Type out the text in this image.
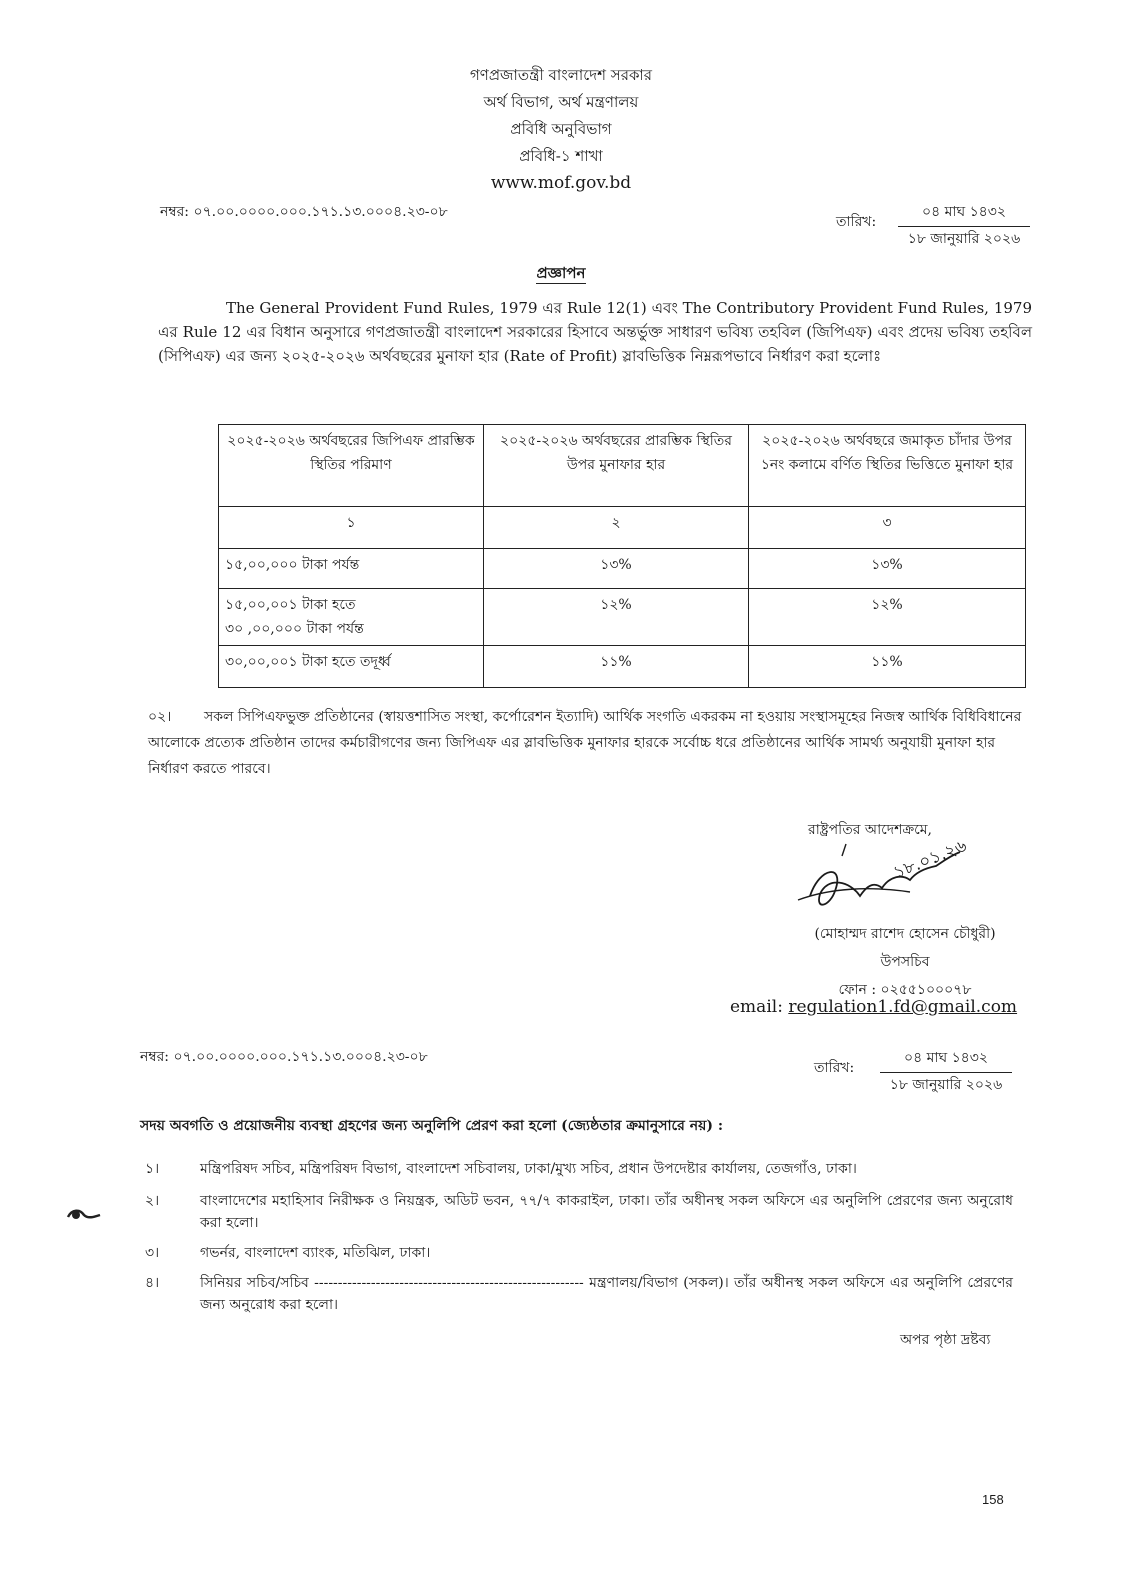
গণপ্রজাতন্ত্রী বাংলাদেশ সরকার
অর্থ বিভাগ, অর্থ মন্ত্রণালয়
প্রবিধি অনুবিভাগ
প্রবিধি-১ শাখা
www.mof.gov.bd
নম্বর: ০৭.০০.০০০০.০০০.১৭১.১৩.০০০৪.২৩-০৮
তারিখ:
০৪ মাঘ ১৪৩২
১৮ জানুয়ারি ২০২৬
প্রজ্ঞাপন
The General Provident Fund Rules, 1979 এর Rule 12(1) এবং The Contributory Provident Fund Rules, 1979 এর Rule 12 এর বিধান অনুসারে গণপ্রজাতন্ত্রী বাংলাদেশ সরকারের হিসাবে অন্তর্ভুক্ত সাধারণ ভবিষ্য তহবিল (জিপিএফ) এবং প্রদেয় ভবিষ্য তহবিল (সিপিএফ) এর জন্য ২০২৫-২০২৬ অর্থবছরের মুনাফা হার (Rate of Profit) স্লাবভিত্তিক নিম্নরূপভাবে নির্ধারণ করা হলোঃ
২০২৫-২০২৬ অর্থবছরের জিপিএফ প্রারম্ভিক স্থিতির পরিমাণ	২০২৫-২০২৬ অর্থবছরের প্রারম্ভিক স্থিতির উপর মুনাফার হার	২০২৫-২০২৬ অর্থবছরে জমাকৃত চাঁদার উপর ১নং কলামে বর্ণিত স্থিতির ভিত্তিতে মুনাফা হার
১	২	৩

১৫,০০,০০০ টাকা পর্যন্ত	১৩%	১৩%

১৫,০০,০০১ টাকা হতে
৩০ ,০০,০০০ টাকা পর্যন্ত	১২%	১২%

৩০,০০,০০১ টাকা হতে তদূর্ধ্ব	১১%	১১%
০২।	সকল সিপিএফভুক্ত প্রতিষ্ঠানের (স্বায়ত্তশাসিত সংস্থা, কর্পোরেশন ইত্যাদি) আর্থিক সংগতি একরকম না হওয়ায় সংস্থাসমূহের নিজস্ব আর্থিক বিধিবিধানের আলোকে প্রত্যেক প্রতিষ্ঠান তাদের কর্মচারীগণের জন্য জিপিএফ এর স্লাবভিত্তিক মুনাফার হারকে সর্বোচ্চ ধরে প্রতিষ্ঠানের আর্থিক সামর্থ্য অনুযায়ী মুনাফা হার নির্ধারণ করতে পারবে।
রাষ্ট্রপতির আদেশক্রমে,
১৮.০১.২৬
(মোহাম্মদ রাশেদ হোসেন চৌধুরী)
উপসচিব
ফোন : ০২৫৫১০০০৭৮
email: regulation1.fd@gmail.com
নম্বর: ০৭.০০.০০০০.০০০.১৭১.১৩.০০০৪.২৩-০৮
তারিখ:
০৪ মাঘ ১৪৩২
১৮ জানুয়ারি ২০২৬
সদয় অবগতি ও প্রয়োজনীয় ব্যবস্থা গ্রহণের জন্য অনুলিপি প্রেরণ করা হলো (জ্যেষ্ঠতার ক্রমানুসারে নয়) :
১।	মন্ত্রিপরিষদ সচিব, মন্ত্রিপরিষদ বিভাগ, বাংলাদেশ সচিবালয়, ঢাকা/মুখ্য সচিব, প্রধান উপদেষ্টার কার্যালয়, তেজগাঁও, ঢাকা।
২।	বাংলাদেশের মহাহিসাব নিরীক্ষক ও নিয়ন্ত্রক, অডিট ভবন, ৭৭/৭ কাকরাইল, ঢাকা। তাঁর অধীনস্থ সকল অফিসে এর অনুলিপি প্রেরণের জন্য অনুরোধ করা হলো।
৩।	গভর্নর, বাংলাদেশ ব্যাংক, মতিঝিল, ঢাকা।
৪।	সিনিয়র সচিব/সচিব --------------------------------------------------------- মন্ত্রণালয়/বিভাগ (সকল)। তাঁর অধীনস্থ সকল অফিসে এর অনুলিপি প্রেরণের জন্য অনুরোধ করা হলো।
অপর পৃষ্ঠা দ্রষ্টব্য
158
